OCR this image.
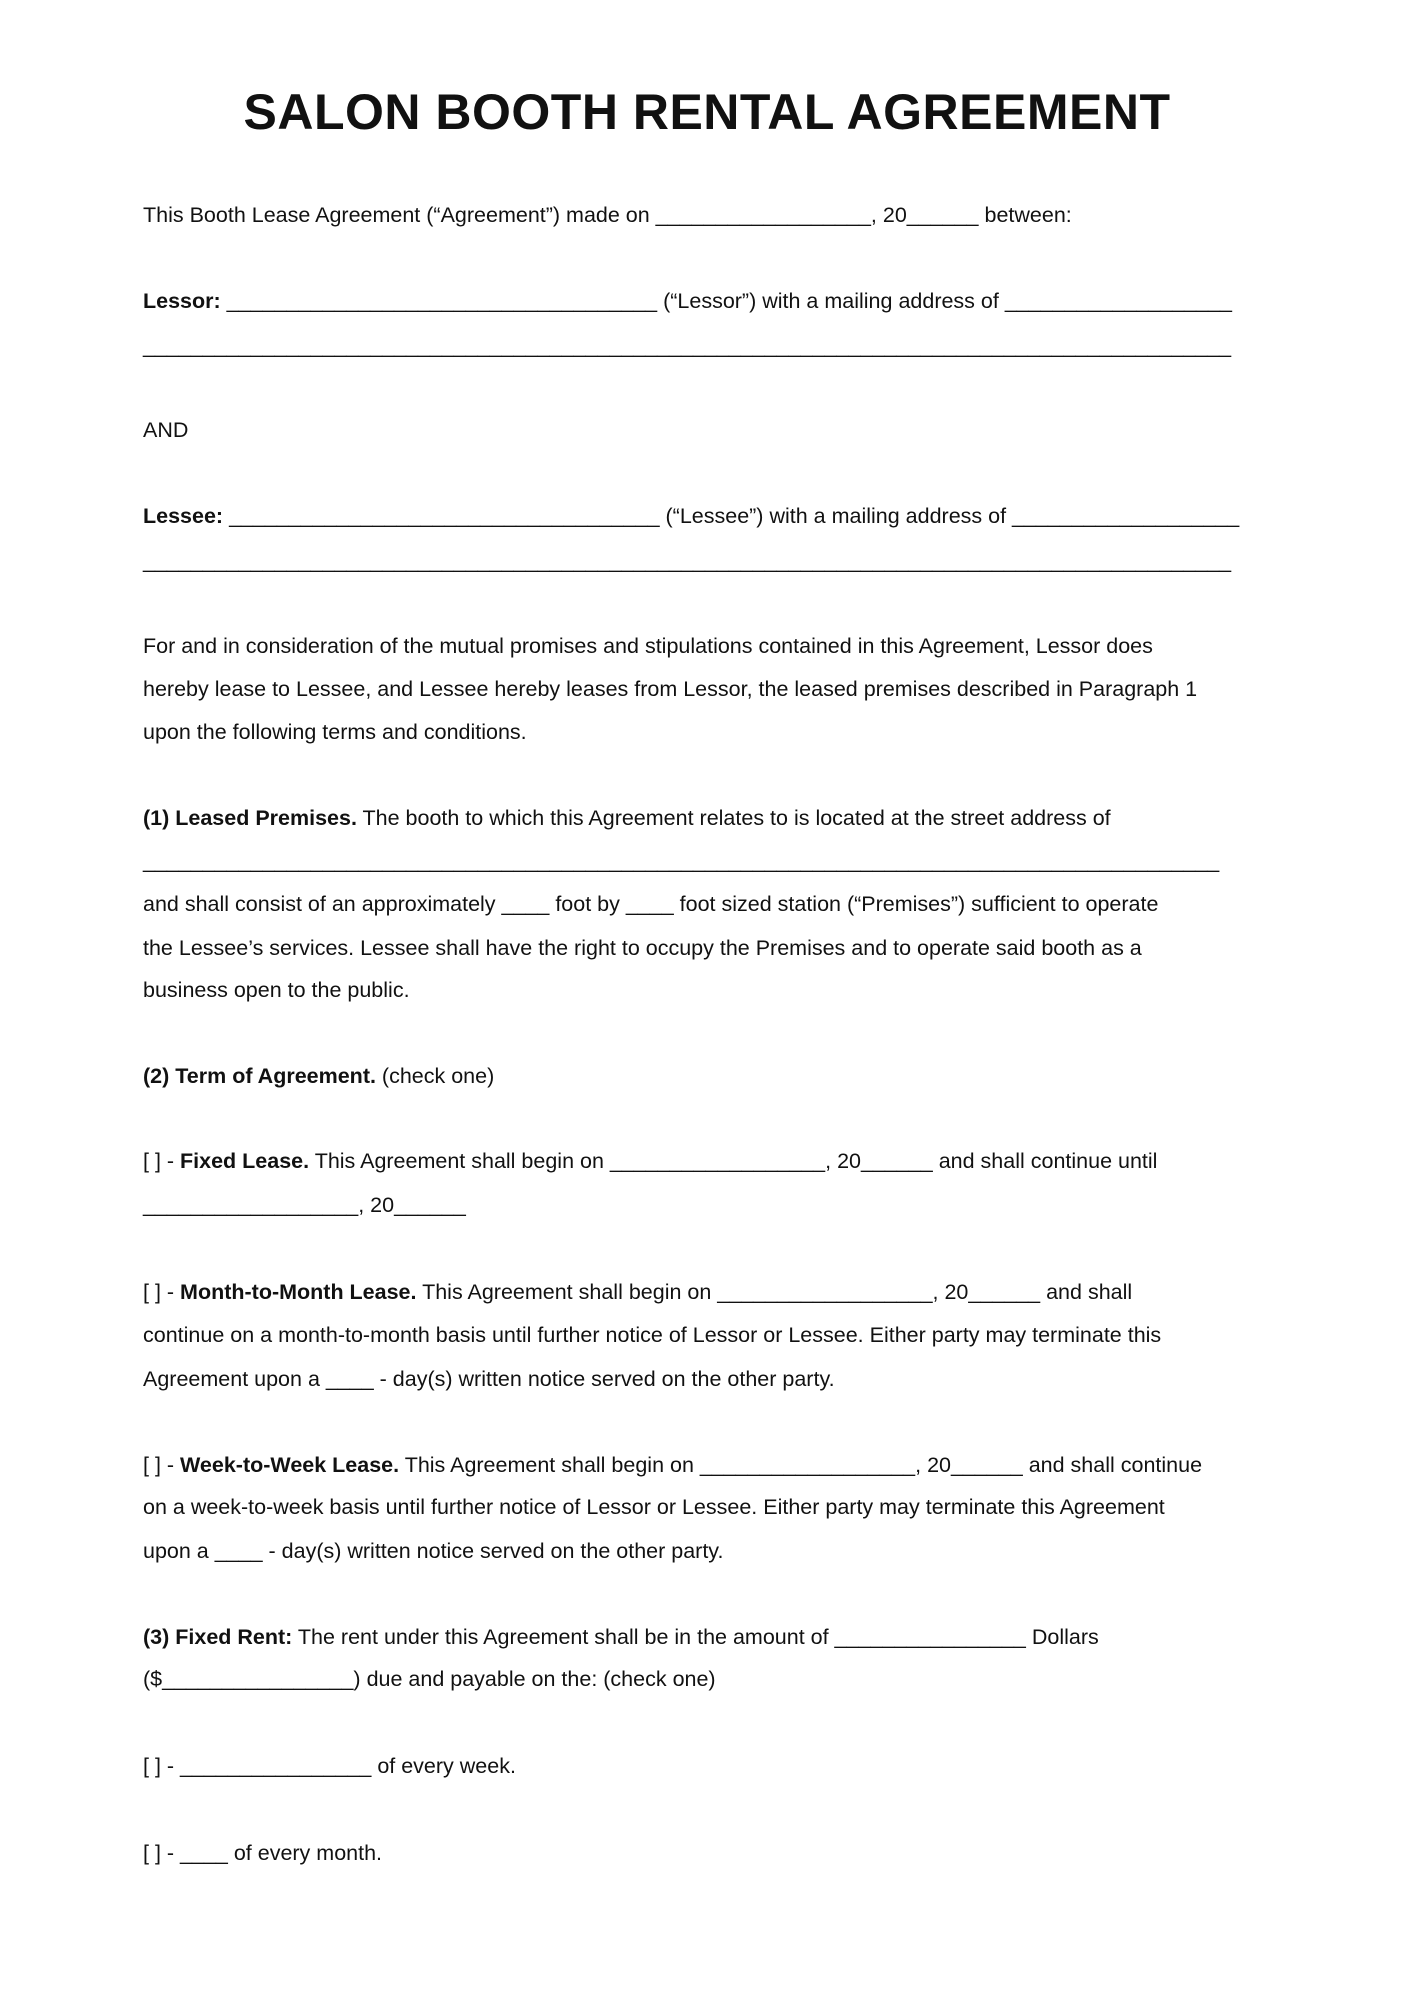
SALON BOOTH RENTAL AGREEMENT
This Booth Lease Agreement (“Agreement”) made on __________________, 20______ between:
Lessor: ____________________________________ (“Lessor”) with a mailing address of ___________________
___________________________________________________________________________________________
AND
Lessee: ____________________________________ (“Lessee”) with a mailing address of ___________________
___________________________________________________________________________________________
For and in consideration of the mutual promises and stipulations contained in this Agreement, Lessor does
hereby lease to Lessee, and Lessee hereby leases from Lessor, the leased premises described in Paragraph 1
upon the following terms and conditions.
(1) Leased Premises. The booth to which this Agreement relates to is located at the street address of
__________________________________________________________________________________________
and shall consist of an approximately ____ foot by ____ foot sized station (“Premises”) sufficient to operate
the Lessee’s services. Lessee shall have the right to occupy the Premises and to operate said booth as a
business open to the public.
(2) Term of Agreement. (check one)
[ ] - Fixed Lease. This Agreement shall begin on __________________, 20______ and shall continue until
__________________, 20______
[ ] - Month-to-Month Lease. This Agreement shall begin on __________________, 20______ and shall
continue on a month-to-month basis until further notice of Lessor or Lessee. Either party may terminate this
Agreement upon a ____ - day(s) written notice served on the other party.
[ ] - Week-to-Week Lease. This Agreement shall begin on __________________, 20______ and shall continue
on a week-to-week basis until further notice of Lessor or Lessee. Either party may terminate this Agreement
upon a ____ - day(s) written notice served on the other party.
(3) Fixed Rent: The rent under this Agreement shall be in the amount of ________________ Dollars
($________________) due and payable on the: (check one)
[ ] - ________________ of every week.
[ ] - ____ of every month.
